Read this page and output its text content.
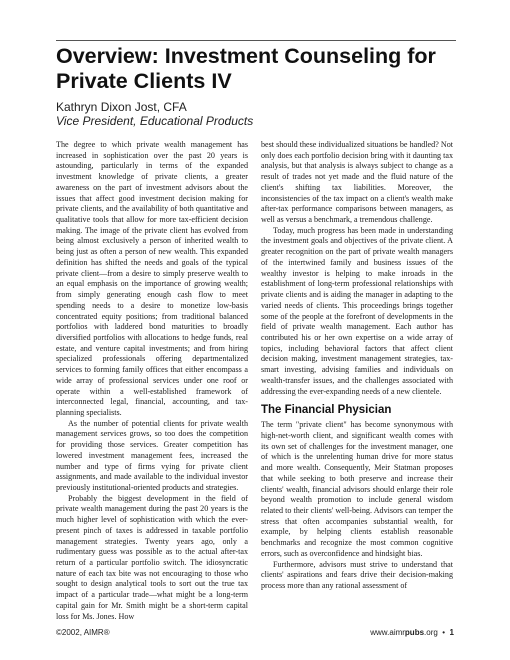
Overview: Investment Counseling for Private Clients IV
Kathryn Dixon Jost, CFA
Vice President, Educational Products

The degree to which private wealth management has increased in sophistication over the past 20 years is astounding, particularly in terms of the expanded investment knowledge of private clients, a greater awareness on the part of investment advisors about the issues that affect good investment decision making for private clients, and the availability of both quantitative and qualitative tools that allow for more tax-efficient decision making. The image of the private client has evolved from being almost exclusively a person of inherited wealth to being just as often a person of new wealth. This expanded definition has shifted the needs and goals of the typical private client—from a desire to simply preserve wealth to an equal emphasis on the importance of growing wealth; from simply generating enough cash flow to meet spending needs to a desire to monetize low-basis concentrated equity positions; from traditional balanced portfolios with laddered bond maturities to broadly diversified portfolios with allocations to hedge funds, real estate, and venture capital investments; and from hiring specialized professionals offering departmentalized services to forming family offices that either encompass a wide array of professional services under one roof or operate within a well-established framework of interconnected legal, financial, accounting, and tax-planning specialists.

As the number of potential clients for private wealth management services grows, so too does the competition for providing those services. Greater competition has lowered investment management fees, increased the number and type of firms vying for private client assignments, and made available to the individual investor previously institutional-oriented products and strategies.

Probably the biggest development in the field of private wealth management during the past 20 years is the much higher level of sophistication with which the ever-present pinch of taxes is addressed in taxable portfolio management strategies. Twenty years ago, only a rudimentary guess was possible as to the actual after-tax return of a particular portfolio switch. The idiosyncratic nature of each tax bite was not encouraging to those who sought to design analytical tools to sort out the true tax impact of a particular trade—what might be a long-term capital gain for Mr. Smith might be a short-term capital loss for Ms. Jones. How

best should these individualized situations be handled? Not only does each portfolio decision bring with it daunting tax analysis, but that analysis is always subject to change as a result of trades not yet made and the fluid nature of the client's shifting tax liabilities. Moreover, the inconsistencies of the tax impact on a client's wealth make after-tax performance comparisons between managers, as well as versus a benchmark, a tremendous challenge.

Today, much progress has been made in understanding the investment goals and objectives of the private client. A greater recognition on the part of private wealth managers of the intertwined family and business issues of the wealthy investor is helping to make inroads in the establishment of long-term professional relationships with private clients and is aiding the manager in adapting to the varied needs of clients. This proceedings brings together some of the people at the forefront of developments in the field of private wealth management. Each author has contributed his or her own expertise on a wide array of topics, including behavioral factors that affect client decision making, investment management strategies, tax-smart investing, advising families and individuals on wealth-transfer issues, and the challenges associated with addressing the ever-expanding needs of a new clientele.

The Financial Physician

The term "private client" has become synonymous with high-net-worth client, and significant wealth comes with its own set of challenges for the investment manager, one of which is the unrelenting human drive for more status and more wealth. Consequently, Meir Statman proposes that while seeking to both preserve and increase their clients' wealth, financial advisors should enlarge their role beyond wealth promotion to include general wisdom related to their clients' well-being. Advisors can temper the stress that often accompanies substantial wealth, for example, by helping clients establish reasonable benchmarks and recognize the most common cognitive errors, such as overconfidence and hindsight bias.

Furthermore, advisors must strive to understand that clients' aspirations and fears drive their decision-making process more than any rational assessment of

©2002, AIMR®	www.aimrpubs.org • 1
